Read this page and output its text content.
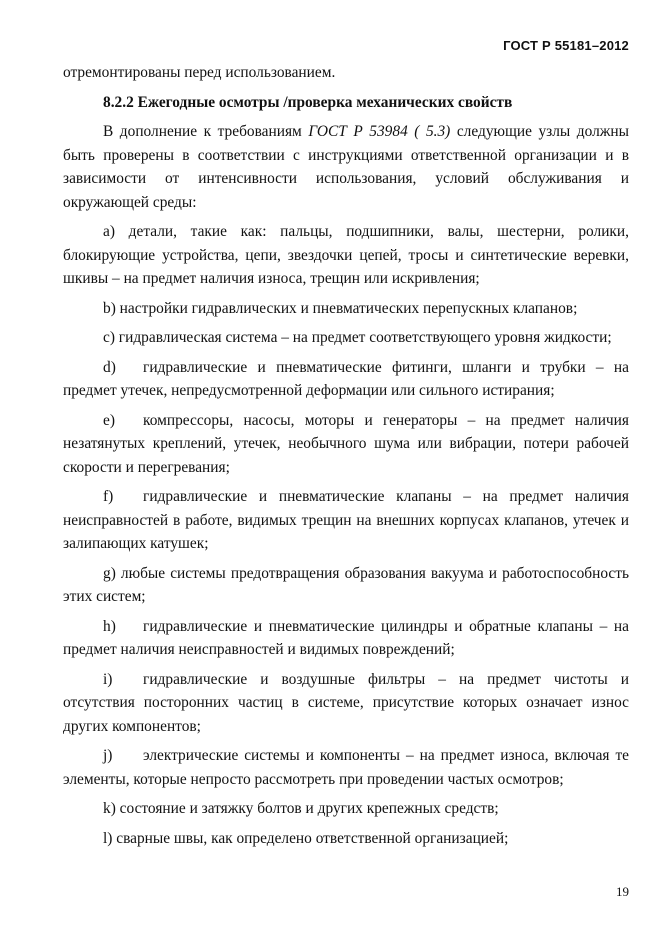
ГОСТ Р 55181–2012
отремонтированы перед использованием.
8.2.2 Ежегодные осмотры /проверка механических свойств
В дополнение к требованиям ГОСТ Р 53984 ( 5.3) следующие узлы должны
быть проверены в соответствии с инструкциями ответственной организации и в
зависимости от интенсивности использования, условий обслуживания и
окружающей среды:
а) детали, такие как: пальцы, подшипники, валы, шестерни, ролики,
блокирующие устройства, цепи, звездочки цепей, тросы и синтетические веревки,
шкивы – на предмет наличия износа, трещин или искривления;
b) настройки гидравлических и пневматических перепускных клапанов;
с) гидравлическая система – на предмет соответствующего уровня жидкости;
d)	гидравлические и пневматические фитинги, шланги и трубки – на
предмет утечек, непредусмотренной деформации или сильного истирания;
e)	компрессоры, насосы, моторы и генераторы – на предмет наличия
незатянутых креплений, утечек, необычного шума или вибрации, потери рабочей
скорости и перегревания;
f)	гидравлические и пневматические клапаны – на предмет наличия
неисправностей в работе, видимых трещин на внешних корпусах клапанов, утечек и
залипающих катушек;
g) любые системы предотвращения образования вакуума и работоспособность
этих систем;
h)	гидравлические и пневматические цилиндры и обратные клапаны – на
предмет наличия неисправностей и видимых повреждений;
i)	гидравлические и воздушные фильтры – на предмет чистоты и
отсутствия посторонних частиц в системе, присутствие которых означает износ
других компонентов;
j)	электрические системы и компоненты – на предмет износа, включая те
элементы, которые непросто рассмотреть при проведении частых осмотров;
k) состояние и затяжку болтов и других крепежных средств;
l) сварные швы, как определено ответственной организацией;
19
